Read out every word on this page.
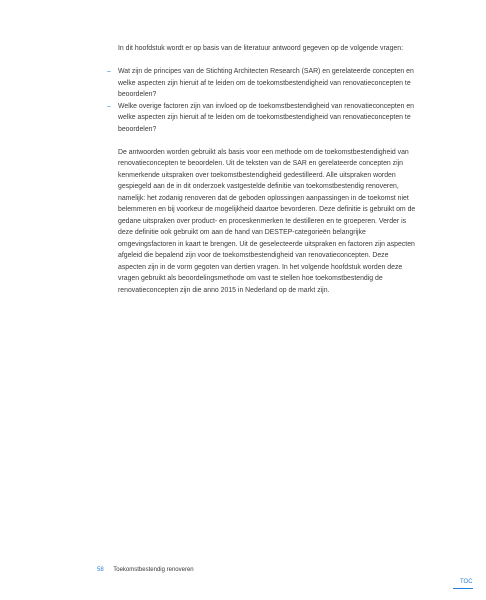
In dit hoofdstuk wordt er op basis van de literatuur antwoord gegeven op de volgende vragen:

– Wat zijn de principes van de Stichting Architecten Research (SAR) en gerelateerde concepten en welke aspecten zijn hieruit af te leiden om de toekomstbestendigheid van renovatieconcepten te beoordelen?
– Welke overige factoren zijn van invloed op de toekomstbestendigheid van renovatieconcepten en welke aspecten zijn hieruit af te leiden om de toekomstbestendigheid van renovatieconcepten te beoordelen?

De antwoorden worden gebruikt als basis voor een methode om de toekomstbestendigheid van renovatieconcepten te beoordelen. Uit de teksten van de SAR en gerelateerde concepten zijn kenmerkende uitspraken over toekomstbestendigheid gedestilleerd. Alle uitspraken worden gespiegeld aan de in dit onderzoek vastgestelde definitie van toekomstbestendig renoveren, namelijk: het zodanig renoveren dat de geboden oplossingen aanpassingen in de toekomst niet belemmeren en bij voorkeur de mogelijkheid daartoe bevorderen. Deze definitie is gebruikt om de gedane uitspraken over product- en proceskenmerken te destilleren en te groeperen. Verder is deze definitie ook gebruikt om aan de hand van DESTEP-categorieën belangrijke omgevingsfactoren in kaart te brengen. Uit de geselecteerde uitspraken en factoren zijn aspecten afgeleid die bepalend zijn voor de toekomstbestendigheid van renovatieconcepten. Deze aspecten zijn in de vorm gegoten van dertien vragen. In het volgende hoofdstuk worden deze vragen gebruikt als beoordelingsmethode om vast te stellen hoe toekomstbestendig de renovatieconcepten zijn die anno 2015 in Nederland op de markt zijn.

58 Toekomstbestendig renoveren
TOC
